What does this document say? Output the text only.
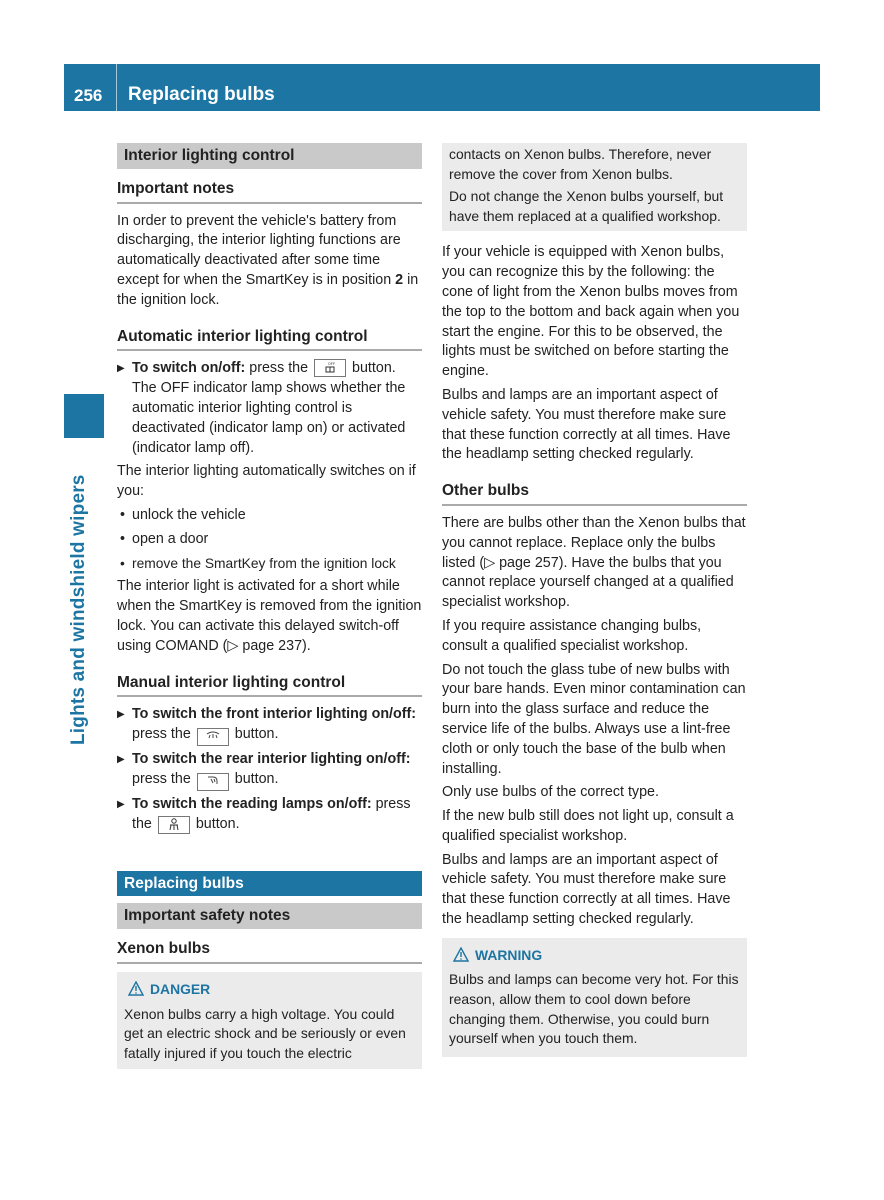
256 Replacing bulbs
Lights and windshield wipers
Interior lighting control
Important notes

In order to prevent the vehicle's battery from discharging, the interior lighting functions are automatically deactivated after some time except for when the SmartKey is in position 2 in the ignition lock.

Automatic interior lighting control
▶ To switch on/off: press the	OFF button. The OFF indicator lamp shows whether the automatic interior lighting control is deactivated (indicator lamp on) or activated (indicator lamp off).

The interior lighting automatically switches on if you:

• unlock the vehicle
• open a door
• remove the SmartKey from the ignition lock

The interior light is activated for a short while when the SmartKey is removed from the ignition lock. You can activate this delayed switch-off using COMAND (▷ page 237).

Manual interior lighting control
▶ To switch the front interior lighting on/off: press the	button.
▶ To switch the rear interior lighting on/off: press the	button.
▶ To switch the reading lamps on/off: press the	button.
Replacing bulbs
Important safety notes
Xenon bulbs
DANGER

Xenon bulbs carry a high voltage. You could get an electric shock and be seriously or even fatally injured if you touch the electric

contacts on Xenon bulbs. Therefore, never remove the cover from Xenon bulbs.

Do not change the Xenon bulbs yourself, but have them replaced at a qualified workshop.

If your vehicle is equipped with Xenon bulbs, you can recognize this by the following: the cone of light from the Xenon bulbs moves from the top to the bottom and back again when you start the engine. For this to be observed, the lights must be switched on before starting the engine.

Bulbs and lamps are an important aspect of vehicle safety. You must therefore make sure that these function correctly at all times. Have the headlamp setting checked regularly.

Other bulbs

There are bulbs other than the Xenon bulbs that you cannot replace. Replace only the bulbs listed (▷ page 257). Have the bulbs that you cannot replace yourself changed at a qualified specialist workshop.

If you require assistance changing bulbs, consult a qualified specialist workshop.

Do not touch the glass tube of new bulbs with your bare hands. Even minor contamination can burn into the glass surface and reduce the service life of the bulbs. Always use a lint-free cloth or only touch the base of the bulb when installing.

Only use bulbs of the correct type.

If the new bulb still does not light up, consult a qualified specialist workshop.

Bulbs and lamps are an important aspect of vehicle safety. You must therefore make sure that these function correctly at all times. Have the headlamp setting checked regularly.

WARNING

Bulbs and lamps can become very hot. For this reason, allow them to cool down before changing them. Otherwise, you could burn yourself when you touch them.
